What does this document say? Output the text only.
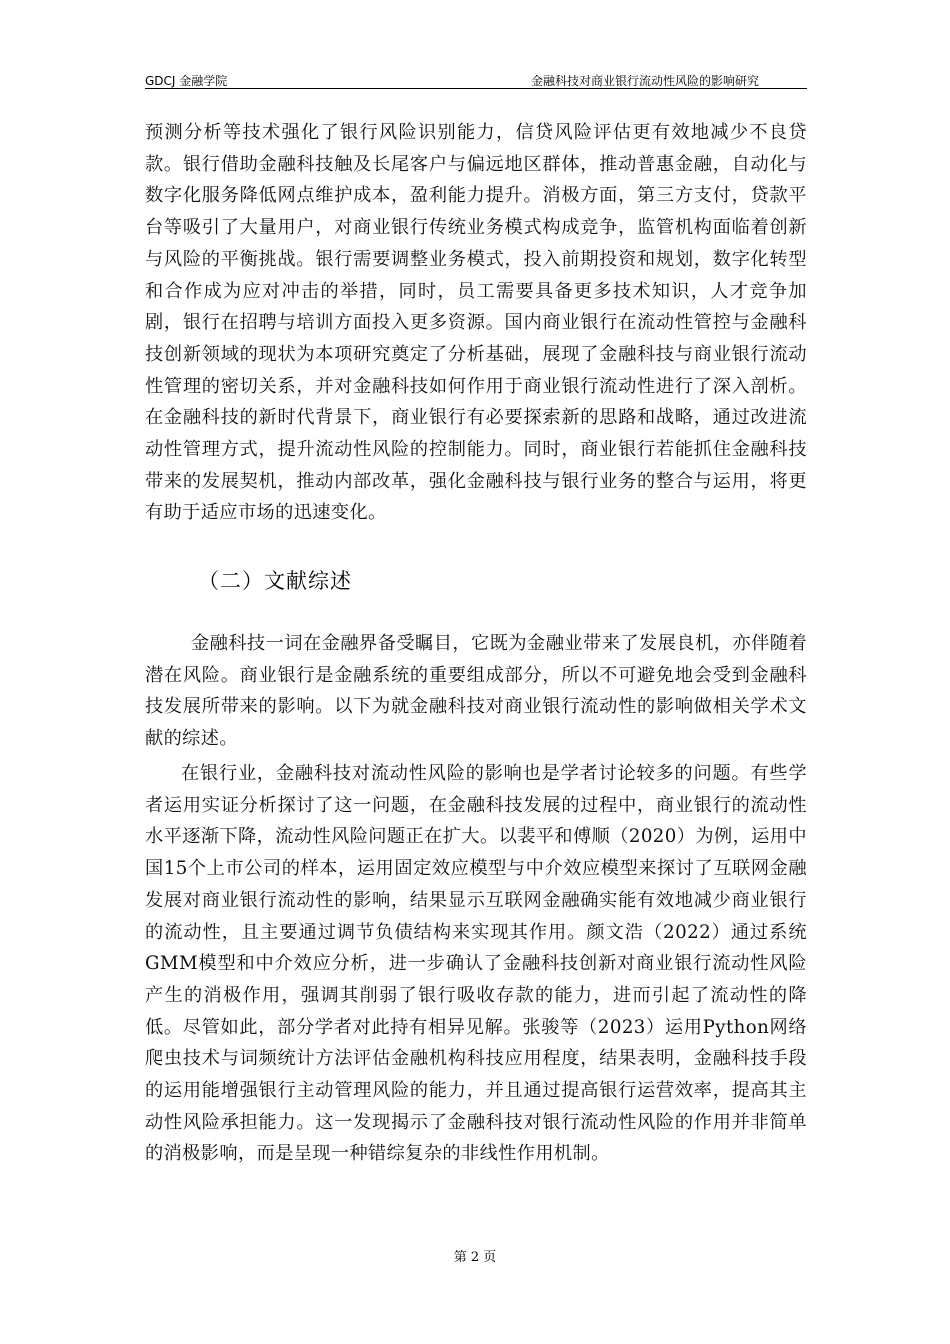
GDCJ 金融学院	金融科技对商业银行流动性风险的影响研究
预测分析等技术强化了银行风险识别能力，信贷风险评估更有效地减少不良贷款。银行借助金融科技触及长尾客户与偏远地区群体，推动普惠金融，自动化与数字化服务降低网点维护成本，盈利能力提升。消极方面，第三方支付，贷款平台等吸引了大量用户，对商业银行传统业务模式构成竞争，监管机构面临着创新与风险的平衡挑战。银行需要调整业务模式，投入前期投资和规划，数字化转型和合作成为应对冲击的举措，同时，员工需要具备更多技术知识，人才竞争加剧，银行在招聘与培训方面投入更多资源。国内商业银行在流动性管控与金融科技创新领域的现状为本项研究奠定了分析基础，展现了金融科技与商业银行流动性管理的密切关系，并对金融科技如何作用于商业银行流动性进行了深入剖析。在金融科技的新时代背景下，商业银行有必要探索新的思路和战略，通过改进流动性管理方式，提升流动性风险的控制能力。同时，商业银行若能抓住金融科技带来的发展契机，推动内部改革，强化金融科技与银行业务的整合与运用，将更有助于适应市场的迅速变化。
（二）文献综述
金融科技一词在金融界备受瞩目，它既为金融业带来了发展良机，亦伴随着潜在风险。商业银行是金融系统的重要组成部分，所以不可避免地会受到金融科技发展所带来的影响。以下为就金融科技对商业银行流动性的影响做相关学术文献的综述。
在银行业，金融科技对流动性风险的影响也是学者讨论较多的问题。有些学者运用实证分析探讨了这一问题，在金融科技发展的过程中，商业银行的流动性水平逐渐下降，流动性风险问题正在扩大。以裴平和傅顺（2020）为例，运用中国15个上市公司的样本，运用固定效应模型与中介效应模型来探讨了互联网金融发展对商业银行流动性的影响，结果显示互联网金融确实能有效地减少商业银行的流动性，且主要通过调节负债结构来实现其作用。颜文浩（2022）通过系统GMM模型和中介效应分析，进一步确认了金融科技创新对商业银行流动性风险产生的消极作用，强调其削弱了银行吸收存款的能力，进而引起了流动性的降低。尽管如此，部分学者对此持有相异见解。张骏等（2023）运用Python网络爬虫技术与词频统计方法评估金融机构科技应用程度，结果表明，金融科技手段的运用能增强银行主动管理风险的能力，并且通过提高银行运营效率，提高其主动性风险承担能力。这一发现揭示了金融科技对银行流动性风险的作用并非简单的消极影响，而是呈现一种错综复杂的非线性作用机制。
第 2 页
